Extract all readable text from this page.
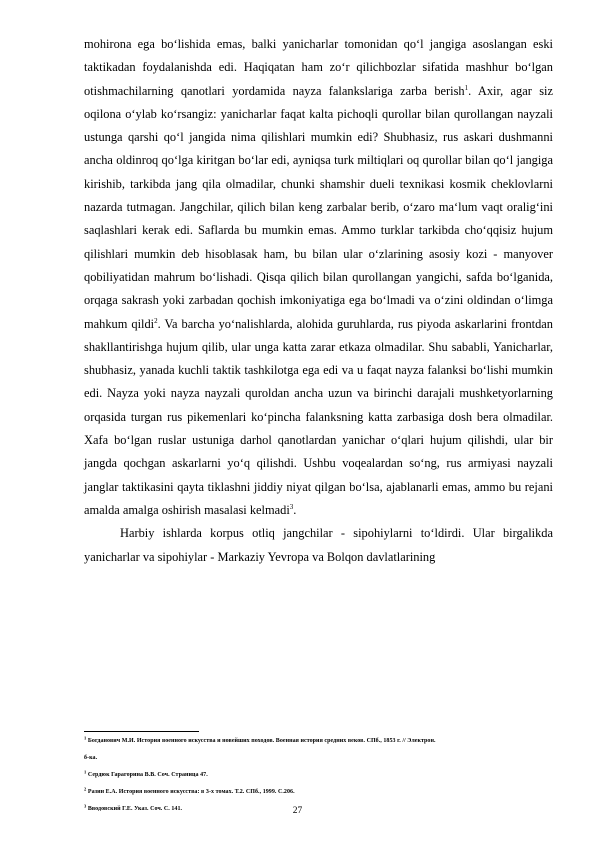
mohirona ega bo‘lishida emas, balki yanicharlar tomonidan qo‘l jangiga asoslangan eski taktikadan foydalanishda edi. Haqiqatan ham zo‘r qilichbozlar sifatida mashhur bo‘lgan otishmachilarning qanotlari yordamida nayza falankslariga zarba berish$^1$. Axir, agar siz oqilona o‘ylab ko‘rsangiz: yanicharlar faqat kalta pichoqli qurollar bilan qurollangan nayzali ustunga qarshi qo‘l jangida nima qilishlari mumkin edi? Shubhasiz, rus askari dushmanni ancha oldinroq qo‘lga kiritgan bo‘lar edi, ayniqsa turk miltiqlari oq qurollar bilan qo‘l jangiga kirishib, tarkibda jang qila olmadilar, chunki shamshir dueli texnikasi kosmik cheklovlarni nazarda tutmagan. Jangchilar, qilich bilan keng zarbalar berib, o‘zaro ma‘lum vaqt oralig‘ini saqlashlari kerak edi. Saflarda bu mumkin emas. Ammo turklar tarkibda cho‘qqisiz hujum qilishlari mumkin deb hisoblasak ham, bu bilan ular o‘zlarining asosiy kozi - manyover qobiliyatidan mahrum bo‘lishadi. Qisqa qilich bilan qurollangan yangichi, safda bo‘lganida, orqaga sakrash yoki zarbadan qochish imkoniyatiga ega bo‘lmadi va o‘zini oldindan o‘limga mahkum qildi$^2$. Va barcha yo‘nalishlarda, alohida guruhlarda, rus piyoda askarlarini frontdan shakllantirishga hujum qilib, ular unga katta zarar etkaza olmadilar. Shu sababli, Yanicharlar, shubhasiz, yanada kuchli taktik tashkilotga ega edi va u faqat nayza falanksi bo‘lishi mumkin edi. Nayza yoki nayza nayzali quroldan ancha uzun va birinchi darajali mushketyorlarning orqasida turgan rus pikemenlari ko‘pincha falanksning katta zarbasiga dosh bera olmadilar. Xafa bo‘lgan ruslar ustuniga darhol qanotlardan yanichar o‘qlari hujum qilishdi, ular bir jangda qochgan askarlarni yo‘q qilishdi. Ushbu voqealardan so‘ng, rus armiyasi nayzali janglar taktikasini qayta tiklashni jiddiy niyat qilgan bo‘lsa, ajablanarli emas, ammo bu rejani amalda amalga oshirish masalasi kelmadi$^3$.

Harbiy ishlarda korpus otliq jangchilar - sipohiylarni to‘ldirdi. Ular birgalikda yanicharlar va sipohiylar - Markaziy Yevropa va Bolqon davlatlarining

$^1$ Богданович М.И. История военного искусства и новейших походов. Военная история средних веков. СПб., 1853 г. // Электрон.

б-ка.

$^1$ Сердюк Гарагорина В.В. Соч. Страница 47.

$^2$ Разин Е.А. История военного искусства: в 3-х томах. Т.2. СПб., 1999. С.206.

$^3$ Вводовский Г.Е. Указ. Соч. С. 141.	27
